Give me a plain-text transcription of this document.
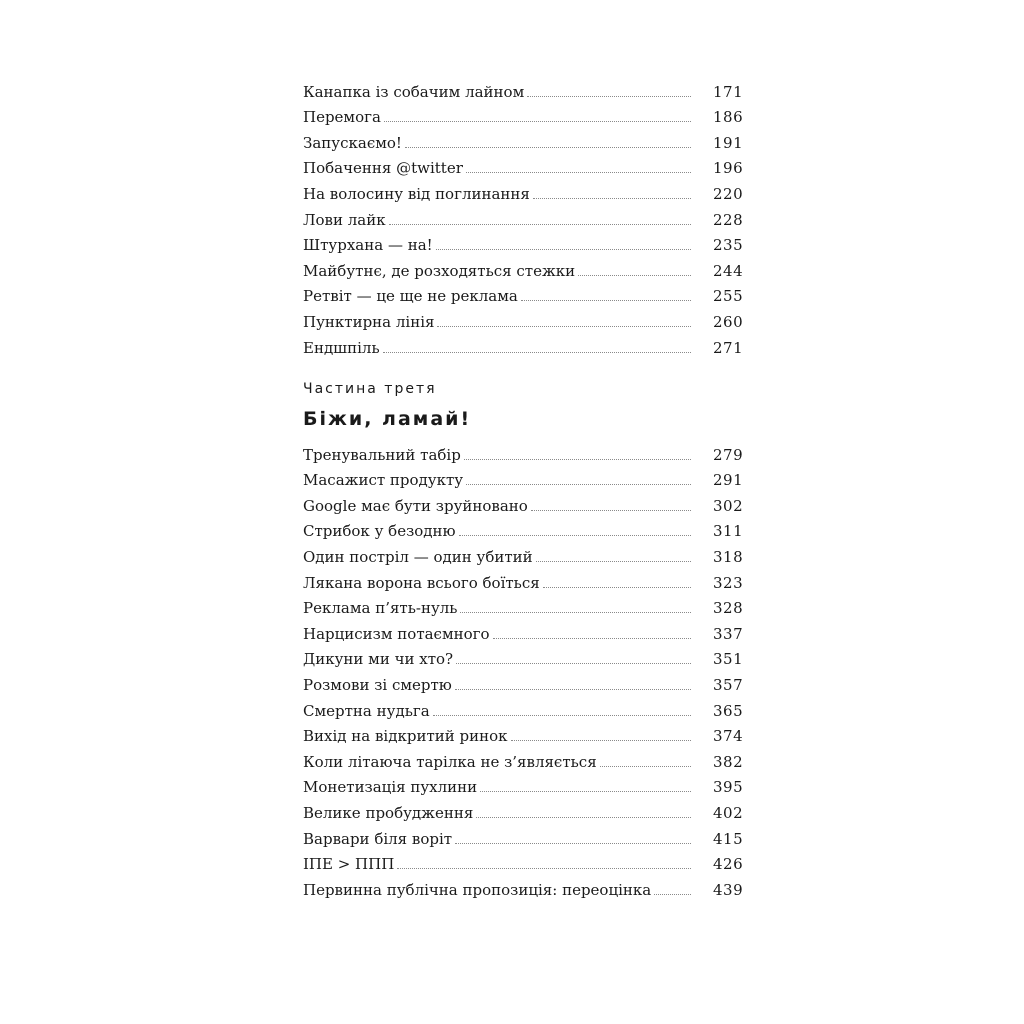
Канапка із собачим лайном	171
Перемога	186
Запускаємо!	191
Побачення @twitter	196
На волосину від поглинання	220
Лови лайк	228
Штурхана — на!	235
Майбутнє, де розходяться стежки	244
Ретвіт — це ще не реклама	255
Пунктирна лінія	260
Ендшпіль	271
Частина третя
Біжи, ламай!
Тренувальний табір	279
Масажист продукту	291
Google має бути зруйновано	302
Стрибок у безодню	311
Один постріл — один убитий	318
Лякана ворона всього боїться	323
Реклама п’ять-нуль	328
Нарцисизм потаємного	337
Дикуни ми чи хто?	351
Розмови зі смертю	357
Смертна нудьга	365
Вихід на відкритий ринок	374
Коли літаюча тарілка не з’являється	382
Монетизація пухлини	395
Велике пробудження	402
Варвари біля воріт	415
ІПЕ > ППП	426
Первинна публічна пропозиція: переоцінка	439
